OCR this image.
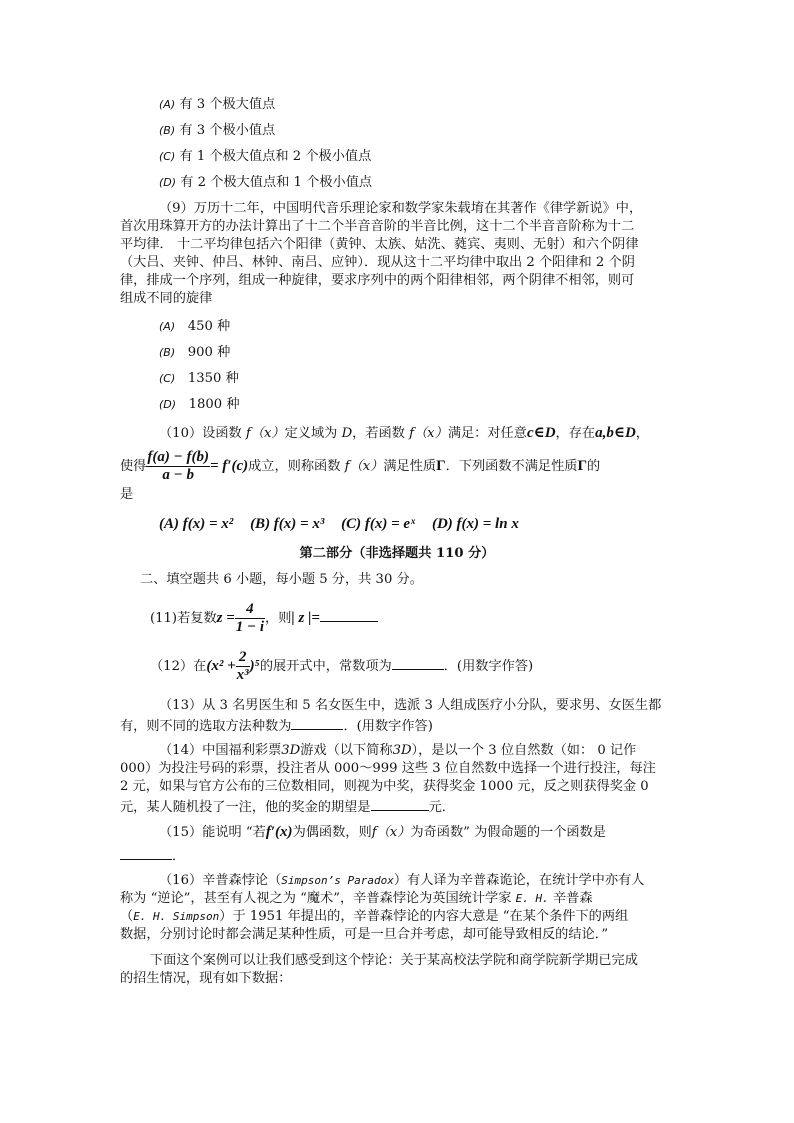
(A) 有 3 个极大值点
(B) 有 3 个极小值点
(C) 有 1 个极大值点和 2 个极小值点
(D) 有 2 个极大值点和 1 个极小值点
（9）万历十二年，中国明代音乐理论家和数学家朱载堉在其著作《律学新说》中，
首次用珠算开方的办法计算出了十二个半音音阶的半音比例，这十二个半音音阶称为十二
平均律． 十二平均律包括六个阳律（黄钟、太族、姑洗、蕤宾、夷则、无射）和六个阴律
（大吕、夹钟、仲吕、林钟、南吕、应钟）．现从这十二平均律中取出 2 个阳律和 2 个阴
律，排成一个序列，组成一种旋律，要求序列中的两个阳律相邻，两个阴律不相邻，则可
组成不同的旋律
(A) 450 种
(B) 900 种
(C) 1350 种
(D) 1800 种
（10）设函数 f（x）定义域为 D，若函数 f（x）满足：对任意c∈D，存在a,b∈D，
使得 $\frac{f(a) - f(b)}{a - b} = f'(c)$成立，则称函数 f（x）满足性质Γ．下列函数不满足性质Γ的
是
(A) f(x) = x² (B) f(x) = x³ (C) f(x) = eˣ (D) f(x) = ln x
第二部分（非选择题共 110 分）
二、填空题共 6 小题，每小题 5 分，共 30 分。
(11)若复数$z = \frac{4}{1 - i}$ ，则| z |=
（12）在$(x^2 + \frac{2}{\text{x³}} )^5$的展开式中，常数项为	．(用数字作答)
（13）从 3 名男医生和 5 名女医生中，选派 3 人组成医疗小分队，要求男、女医生都
有，则不同的选取方法种数为	．(用数字作答)
（14）中国福利彩票3D游戏（以下简称3D），是以一个 3 位自然数（如： 0 记作
000）为投注号码的彩票，投注者从 000～999 这些 3 位自然数中选择一个进行投注，每注
2 元，如果与官方公布的三位数相同，则视为中奖，获得奖金 1000 元，反之则获得奖金 0
元，某人随机投了一注，他的奖金的期望是	元．
（15）能说明 “若f′(x)为偶函数，则f（x）为奇函数” 为假命题的一个函数是
．
（16）辛普森悖论（Simpson’s Paradox）有人译为辛普森诡论，在统计学中亦有人
称为 “逆论”，甚至有人视之为 “魔术”，辛普森悖论为英国统计学家 E. H. 辛普森
（E. H. Simpson）于 1951 年提出的，辛普森悖论的内容大意是 “在某个条件下的两组
数据，分别讨论时都会满足某种性质，可是一旦合并考虑，却可能导致相反的结论．”
下面这个案例可以让我们感受到这个悖论：关于某高校法学院和商学院新学期已完成
的招生情况，现有如下数据：
